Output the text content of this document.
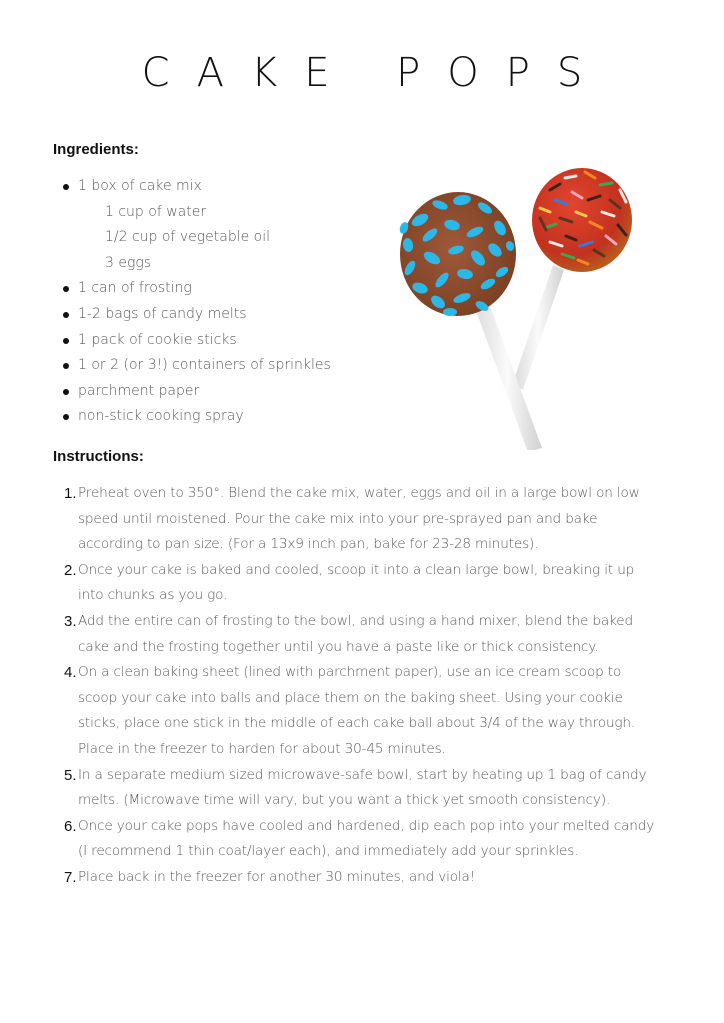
CAKE POPS
Ingredients:
1 box of cake mix
1 cup of water
1/2 cup of vegetable oil
3 eggs
1 can of frosting
1-2 bags of candy melts
1 pack of cookie sticks
1 or 2 (or 3!) containers of sprinkles
parchment paper
non-stick cooking spray
Instructions:
1. Preheat oven to 350°. Blend the cake mix, water, eggs and oil in a large bowl on low speed until moistened. Pour the cake mix into your pre-sprayed pan and bake according to pan size. (For a 13x9 inch pan, bake for 23-28 minutes).
2. Once your cake is baked and cooled, scoop it into a clean large bowl, breaking it up into chunks as you go.
3. Add the entire can of frosting to the bowl, and using a hand mixer, blend the baked cake and the frosting together until you have a paste like or thick consistency.
4. On a clean baking sheet (lined with parchment paper), use an ice cream scoop to scoop your cake into balls and place them on the baking sheet. Using your cookie sticks, place one stick in the middle of each cake ball about 3/4 of the way through. Place in the freezer to harden for about 30-45 minutes.
5. In a separate medium sized microwave-safe bowl, start by heating up 1 bag of candy melts. (Microwave time will vary, but you want a thick yet smooth consistency).
6. Once your cake pops have cooled and hardened, dip each pop into your melted candy (I recommend 1 thin coat/layer each), and immediately add your sprinkles.
7. Place back in the freezer for another 30 minutes, and viola!
